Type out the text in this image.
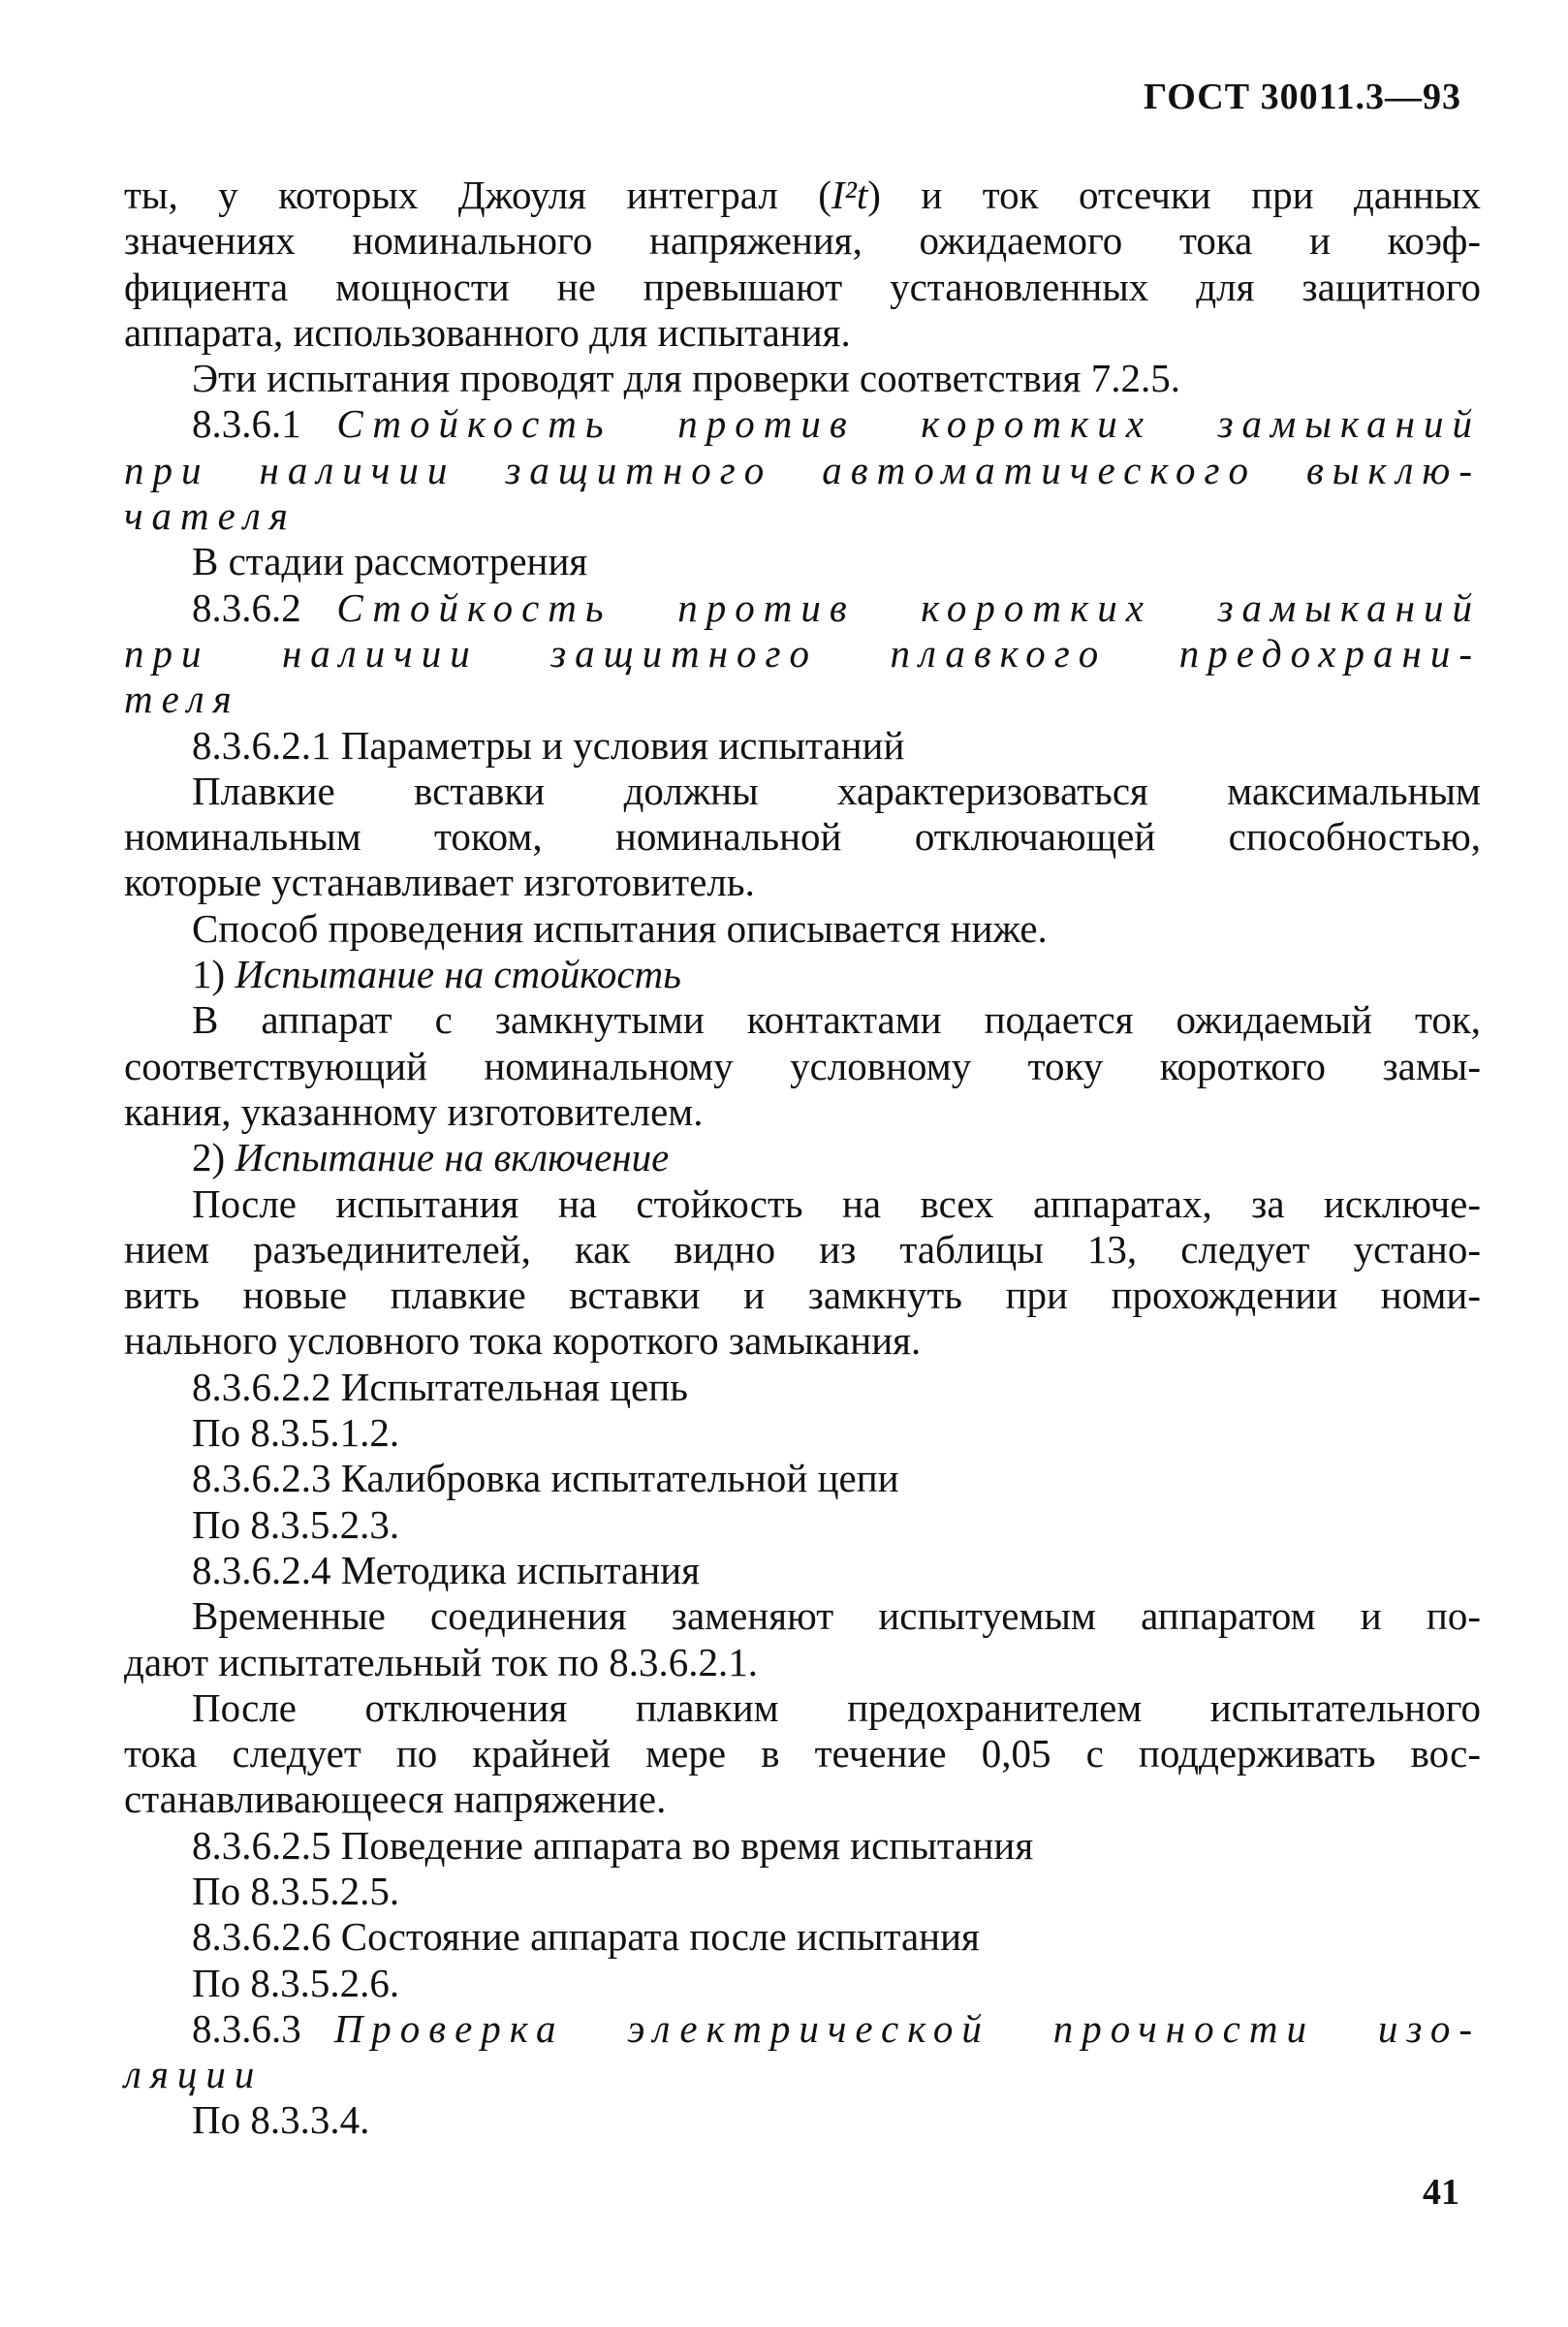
ГОСТ 30011.3—93
ты, у которых Джоуля интеграл (I²t) и ток отсечки при данных
значениях номинального напряжения, ожидаемого тока и коэф-
фициента мощности не превышают установленных для защитного
аппарата, использованного для испытания.
Эти испытания проводят для проверки соответствия 7.2.5.
8.3.6.1 Стойкость против коротких замыканий
при наличии защитного автоматического выклю-
чателя
В стадии рассмотрения
8.3.6.2 Стойкость против коротких замыканий
при наличии защитного плавкого предохрани-
теля
8.3.6.2.1 Параметры и условия испытаний
Плавкие вставки должны характеризоваться максимальным
номинальным током, номинальной отключающей способностью,
которые устанавливает изготовитель.
Способ проведения испытания описывается ниже.
1) Испытание на стойкость
В аппарат с замкнутыми контактами подается ожидаемый ток,
соответствующий номинальному условному току короткого замы-
кания, указанному изготовителем.
2) Испытание на включение
После испытания на стойкость на всех аппаратах, за исключе-
нием разъединителей, как видно из таблицы 13, следует устано-
вить новые плавкие вставки и замкнуть при прохождении номи-
нального условного тока короткого замыкания.
8.3.6.2.2 Испытательная цепь
По 8.3.5.1.2.
8.3.6.2.3 Калибровка испытательной цепи
По 8.3.5.2.3.
8.3.6.2.4 Методика испытания
Временные соединения заменяют испытуемым аппаратом и по-
дают испытательный ток по 8.3.6.2.1.
После отключения плавким предохранителем испытательного
тока следует по крайней мере в течение 0,05 с поддерживать вос-
станавливающееся напряжение.
8.3.6.2.5 Поведение аппарата во время испытания
По 8.3.5.2.5.
8.3.6.2.6 Состояние аппарата после испытания
По 8.3.5.2.6.
8.3.6.3 Проверка электрической прочности изо-
ляции
По 8.3.3.4.
41
